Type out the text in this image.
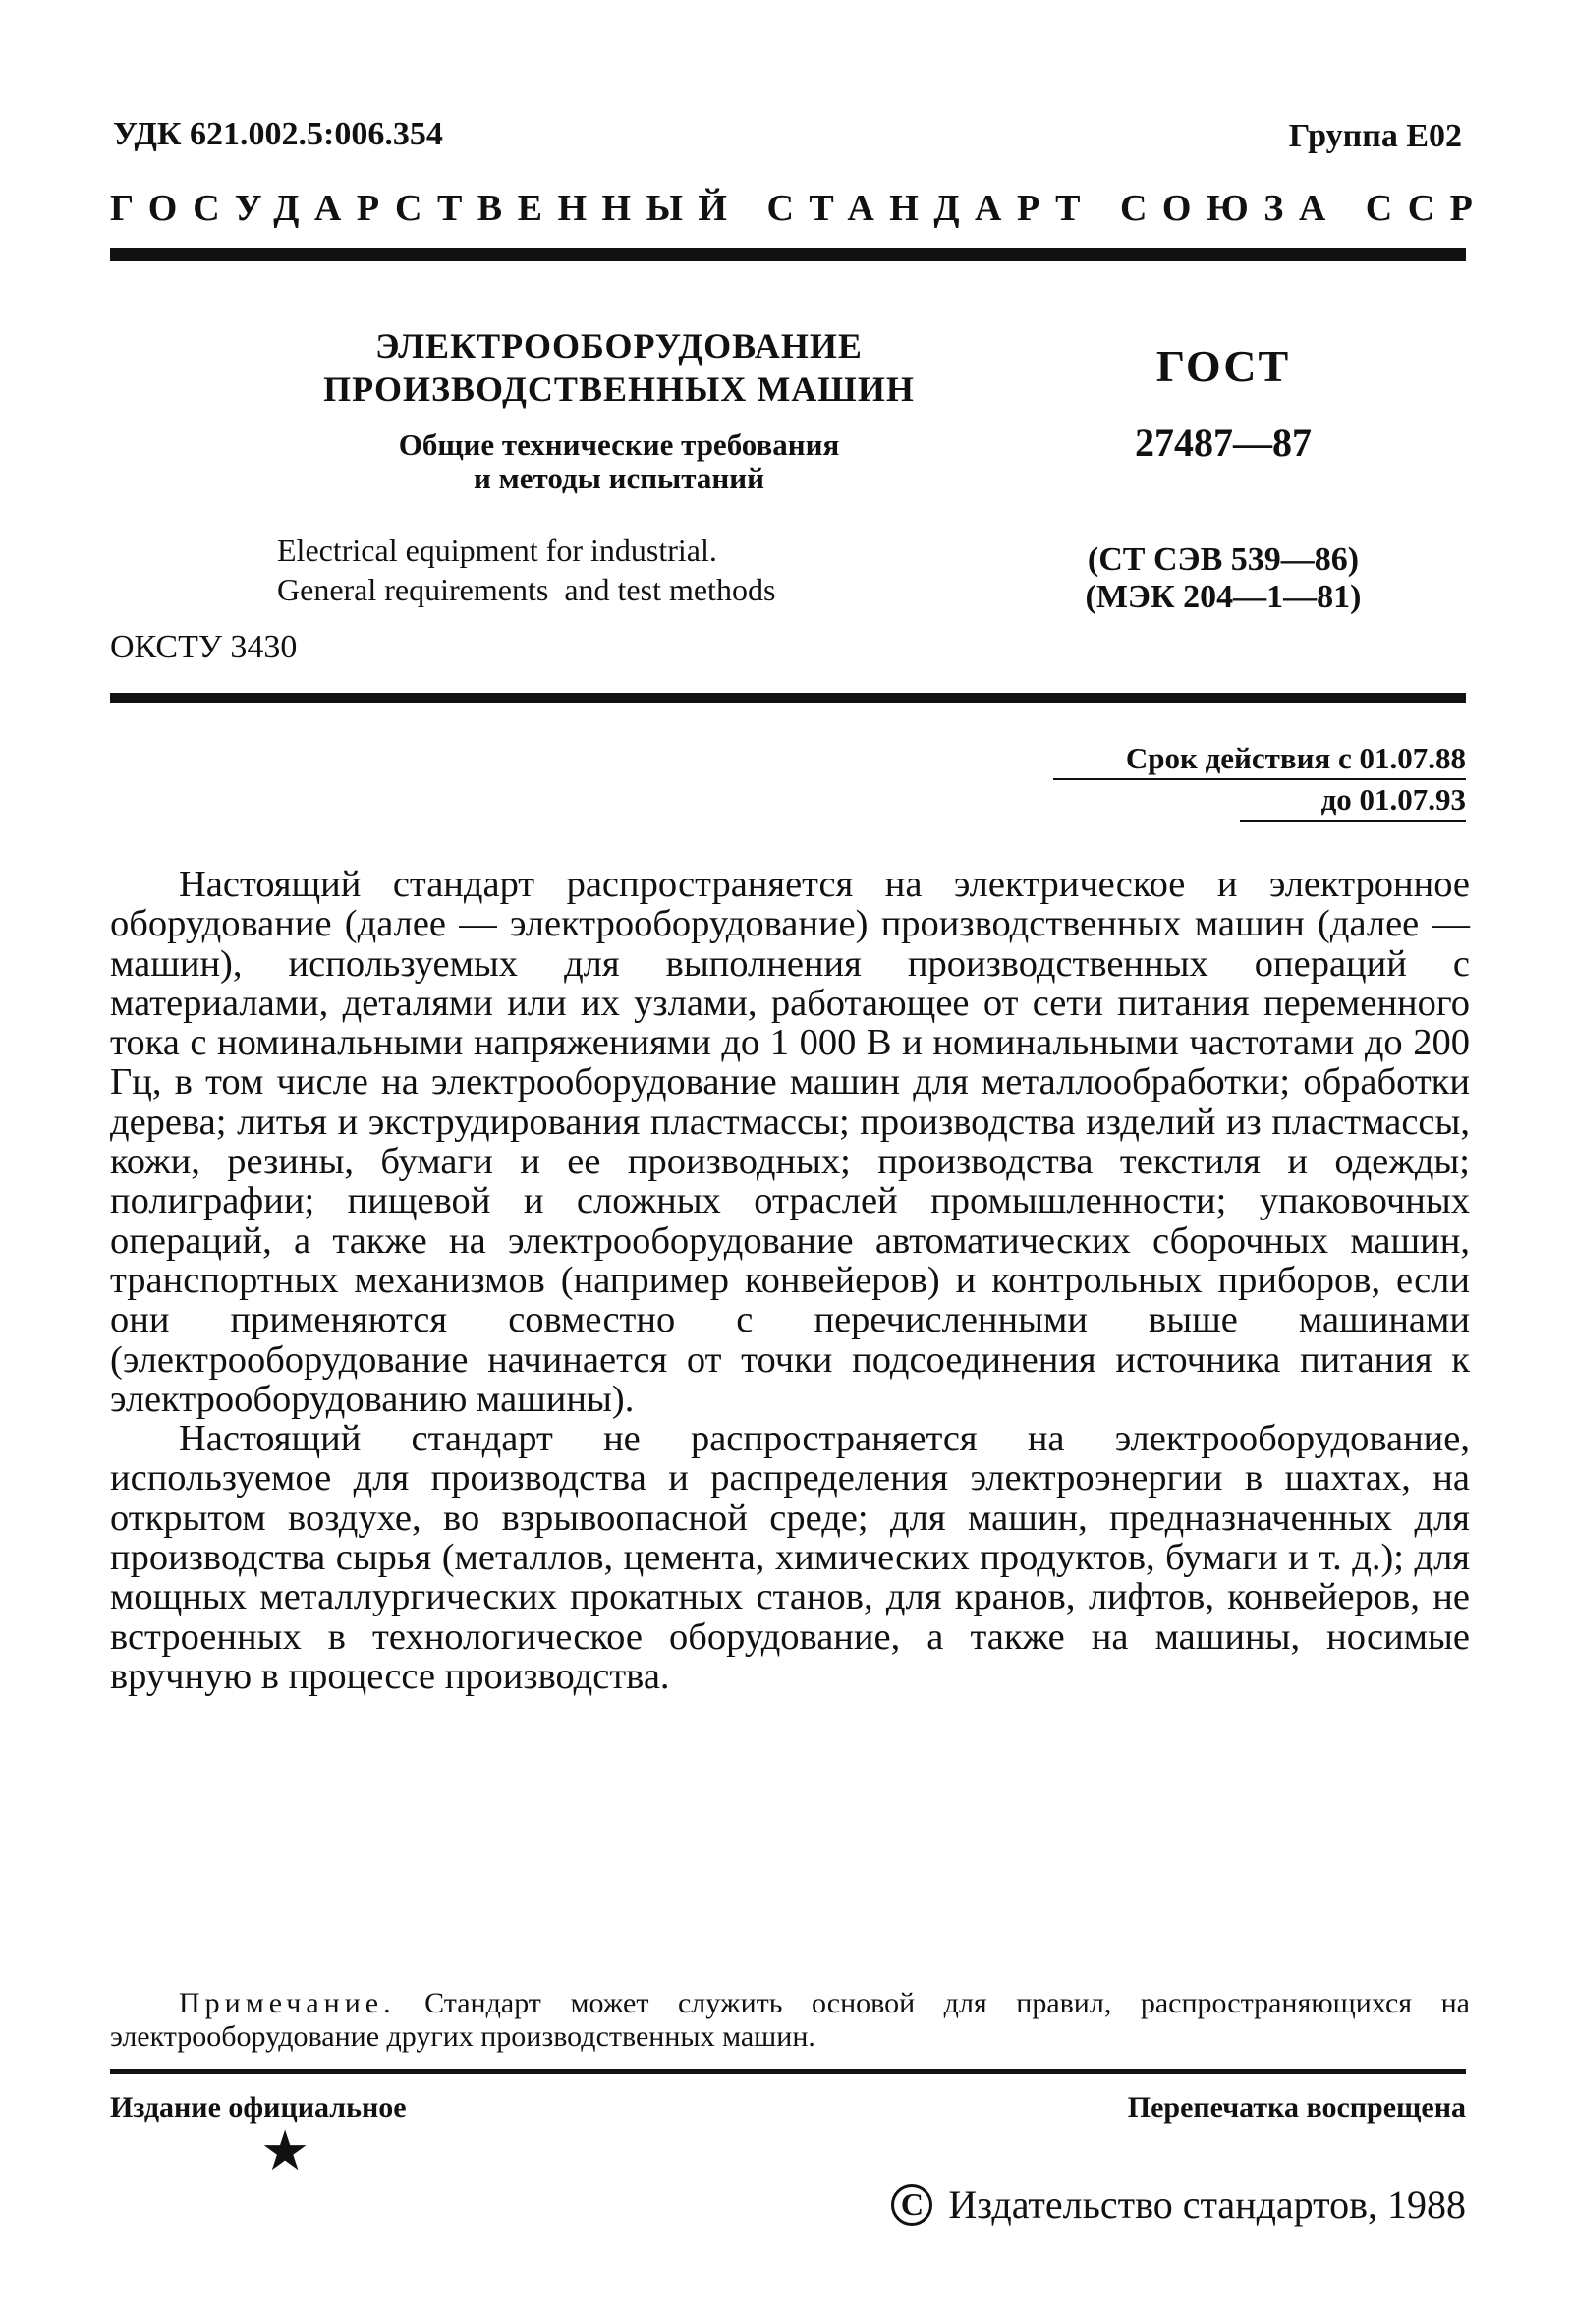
УДК 621.002.5:006.354	Группа Е02
ГОСУДАРСТВЕННЫЙ СТАНДАРТ СОЮЗА ССР
ЭЛЕКТРООБОРУДОВАНИЕ
ПРОИЗВОДСТВЕННЫХ МАШИН
Общие технические требования
и методы испытаний
Electrical equipment for industrial.
General requirements  and test methods
ГОСТ
27487—87
(СТ СЭВ 539—86)
(МЭК 204—1—81)
ОКСТУ 3430
Срок действия с 01.07.88
до 01.07.93

Настоящий стандарт распространяется на электрическое и электронное оборудование (далее — электрооборудование) производственных машин (далее — машин), используемых для выполнения производственных операций с материалами, деталями или их узлами, работающее от сети питания переменного тока с номинальными напряжениями до 1 000 В и номинальными частотами до 200 Гц, в том числе на электрооборудование машин для металлообработки; обработки дерева; литья и экструдирования пластмассы; производства изделий из пластмассы, кожи, резины, бумаги и ее производных; производства текстиля и одежды; полиграфии; пищевой и сложных отраслей промышленности; упаковочных операций, а также на электрооборудование автоматических сборочных машин, транспортных механизмов (например конвейеров) и контрольных приборов, если они применяются совместно с перечисленными выше машинами (электрооборудование начинается от точки подсоединения источника питания к электрооборудованию машины).

Настоящий стандарт не распространяется на электрооборудование, используемое для производства и распределения электроэнергии в шахтах, на открытом воздухе, во взрывоопасной среде; для машин, предназначенных для производства сырья (металлов, цемента, химических продуктов, бумаги и т. д.); для мощных металлургических прокатных станов, для кранов, лифтов, конвейеров, не встроенных в технологическое оборудование, а также на машины, носимые вручную в процессе производства.

Примечание. Стандарт может служить основой для правил, распространяющихся на электрооборудование других производственных машин.
Издание официальное	Перепечатка воспрещена
★
C Издательство стандартов, 1988
